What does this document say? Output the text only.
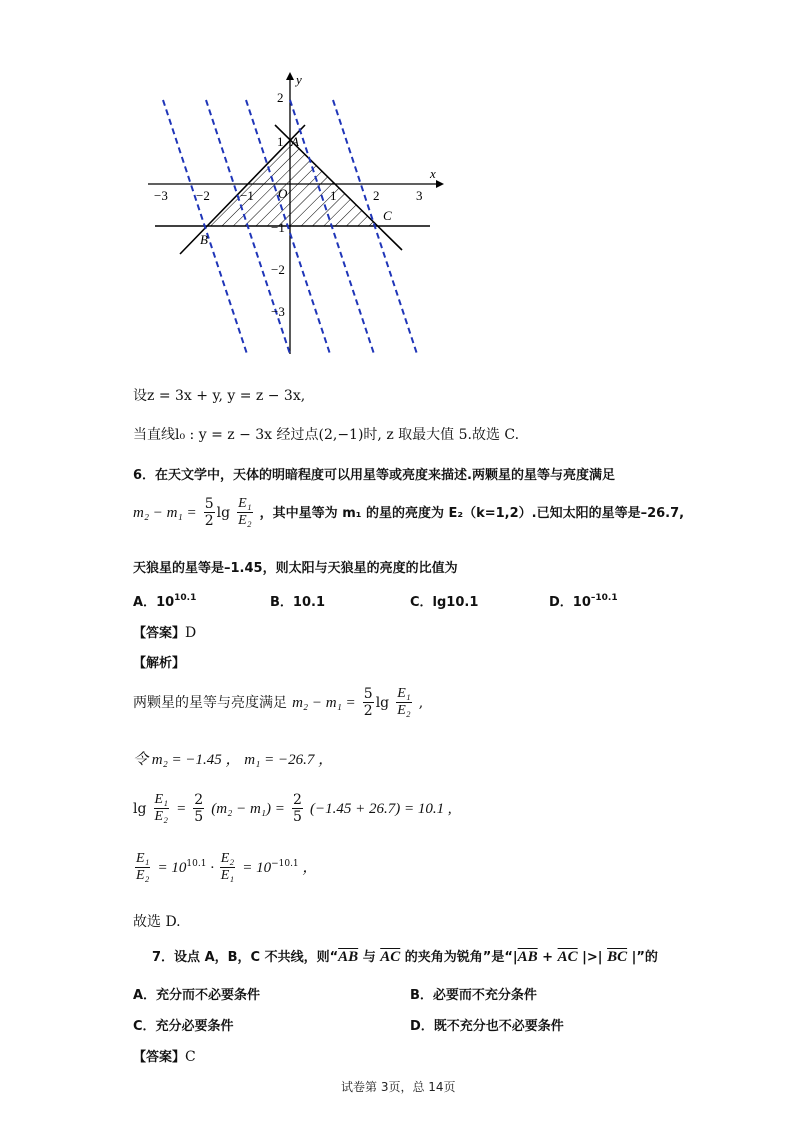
x
y
−3 −2 −1 O	1	2	3
2
1
−1
−2
−3
A
B
C
设z = 3x + y, y = z − 3x,
当直线l₀ : y = z − 3x 经过点(2,−1)时, z 取最大值 5.故选 C.
6．在天文学中，天体的明暗程度可以用星等或亮度来描述.两颗星的星等与亮度满足
$m_2 - m_1 = \frac{5}{2}$ $\lg \frac{\text{E₁}}{\text{E₂}}$ ，其中星等为 m₁ 的星的亮度为 E₂（k=1,2）.已知太阳的星等是–26.7,
天狼星的星等是–1.45，则太阳与天狼星的亮度的比值为
A．$10^{10.1}$	B．10.1	C．lg10.1	D．$10^{-10.1}$
【答案】D
【解析】
两颗星的星等与亮度满足 $m_2 - m_1 = \frac{5}{2}$ $\lg \frac{\text{E₁}}{\text{E₂}}$ ,
令 m₂ = −1.45 ， m₁ = −26.7 ，
$\lg \frac{\text{E₁}}{\text{E₂}} = \frac{2}{5} (m_2 - m_1) = \frac{2}{5} (-1.45 + 26.7) = 10.1$ ,
$\frac{\text{E₁}}{\text{E₂}} = 10^{10.1} \cdot \frac{\text{E₂}}{\text{E₁}} = 10^{-10.1}$ ，
故选 D.
7．设点 A，B，C 不共线，则“$\overline{AB}$ 与 $\overline{AC}$ 的夹角为锐角”是“$|\overline{AB} + \overline{AC}$ |>| $\overline{BC}$ |”的
A．充分而不必要条件	B．必要而不充分条件
C．充分必要条件	D．既不充分也不必要条件
【答案】C
试卷第 3页，总 14页
